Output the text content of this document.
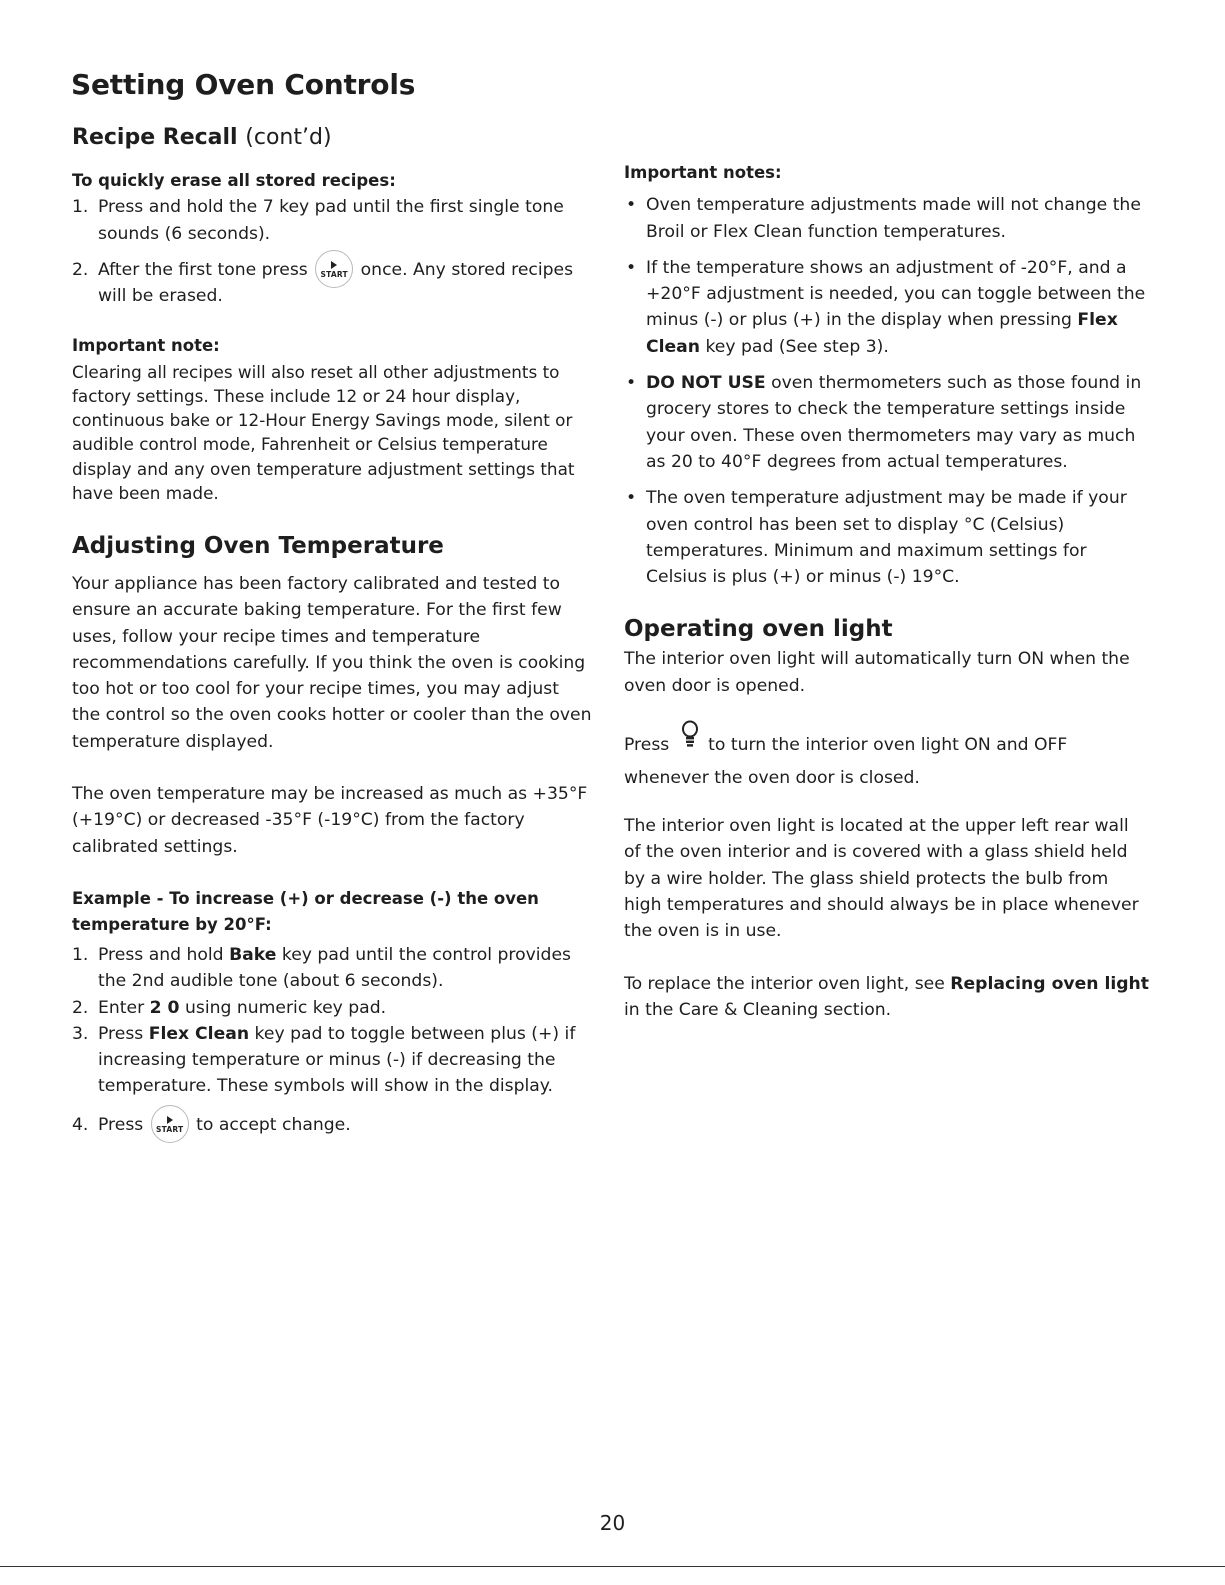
Setting Oven Controls
Recipe Recall (cont’d)
To quickly erase all stored recipes:
1. Press and hold the 7 key pad until the first single tone sounds (6 seconds).
2. After the first tone press	START once. Any stored recipes will be erased.
Important note:

Clearing all recipes will also reset all other adjustments to factory settings. These include 12 or 24 hour display, continuous bake or 12-Hour Energy Savings mode, silent or audible control mode, Fahrenheit or Celsius temperature display and any oven temperature adjustment settings that have been made.

Adjusting Oven Temperature

Your appliance has been factory calibrated and tested to ensure an accurate baking temperature. For the first few uses, follow your recipe times and temperature recommendations carefully. If you think the oven is cooking too hot or too cool for your recipe times, you may adjust the control so the oven cooks hotter or cooler than the oven temperature displayed.

The oven temperature may be increased as much as +35°F (+19°C) or decreased -35°F (-19°C) from the factory calibrated settings.

Example - To increase (+) or decrease (-) the oven temperature by 20°F:
1. Press and hold Bake key pad until the control provides the 2nd audible tone (about 6 seconds).
2. Enter 2 0 using numeric key pad.
3. Press Flex Clean key pad to toggle between plus (+) if increasing temperature or minus (-) if decreasing the temperature. These symbols will show in the display.
4. Press	START to accept change.
Important notes:
• Oven temperature adjustments made will not change the Broil or Flex Clean function temperatures.
• If the temperature shows an adjustment of -20°F, and a +20°F adjustment is needed, you can toggle between the minus (-) or plus (+) in the display when pressing Flex Clean key pad (See step 3).
• DO NOT USE oven thermometers such as those found in grocery stores to check the temperature settings inside your oven. These oven thermometers may vary as much as 20 to 40°F degrees from actual temperatures.
• The oven temperature adjustment may be made if your oven control has been set to display °C (Celsius) temperatures. Minimum and maximum settings for Celsius is plus (+) or minus (-) 19°C.
Operating oven light

The interior oven light will automatically turn ON when the oven door is opened.

Press to turn the interior oven light ON and OFF whenever the oven door is closed.

The interior oven light is located at the upper left rear wall of the oven interior and is covered with a glass shield held by a wire holder. The glass shield protects the bulb from high temperatures and should always be in place whenever the oven is in use.

To replace the interior oven light, see Replacing oven light in the Care & Cleaning section.

20
